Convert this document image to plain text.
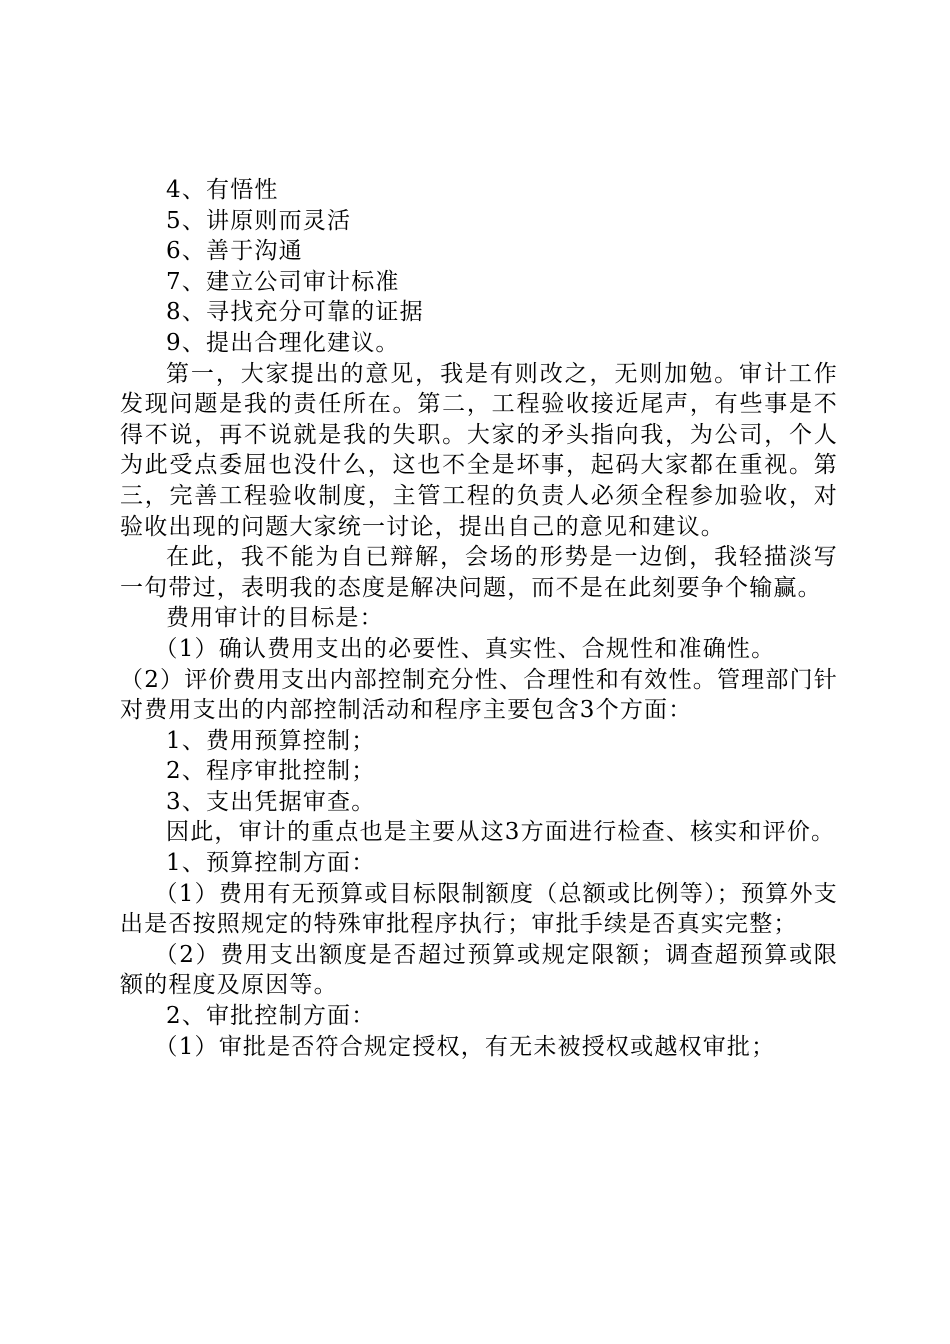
4、有悟性

5、讲原则而灵活

6、善于沟通

7、建立公司审计标准

8、寻找充分可靠的证据

9、提出合理化建议。

第一，大家提出的意见，我是有则改之，无则加勉。审计工作发现问题是我的责任所在。第二，工程验收接近尾声，有些事是不得不说，再不说就是我的失职。大家的矛头指向我，为公司，个人为此受点委屈也没什么，这也不全是坏事，起码大家都在重视。第三，完善工程验收制度，主管工程的负责人必须全程参加验收，对验收出现的问题大家统一讨论，提出自己的意见和建议。

在此，我不能为自已辩解，会场的形势是一边倒，我轻描淡写一句带过，表明我的态度是解决问题，而不是在此刻要争个输赢。

费用审计的目标是：

（1）确认费用支出的必要性、真实性、合规性和准确性。

（2）评价费用支出内部控制充分性、合理性和有效性。管理部门针对费用支出的内部控制活动和程序主要包含3个方面：

1、费用预算控制；

2、程序审批控制；

3、支出凭据审查。

因此，审计的重点也是主要从这3方面进行检查、核实和评价。

1、预算控制方面：

（1）费用有无预算或目标限制额度（总额或比例等）；预算外支出是否按照规定的特殊审批程序执行；审批手续是否真实完整；

（2）费用支出额度是否超过预算或规定限额；调查超预算或限额的程度及原因等。

2、审批控制方面：

（1）审批是否符合规定授权，有无未被授权或越权审批；
